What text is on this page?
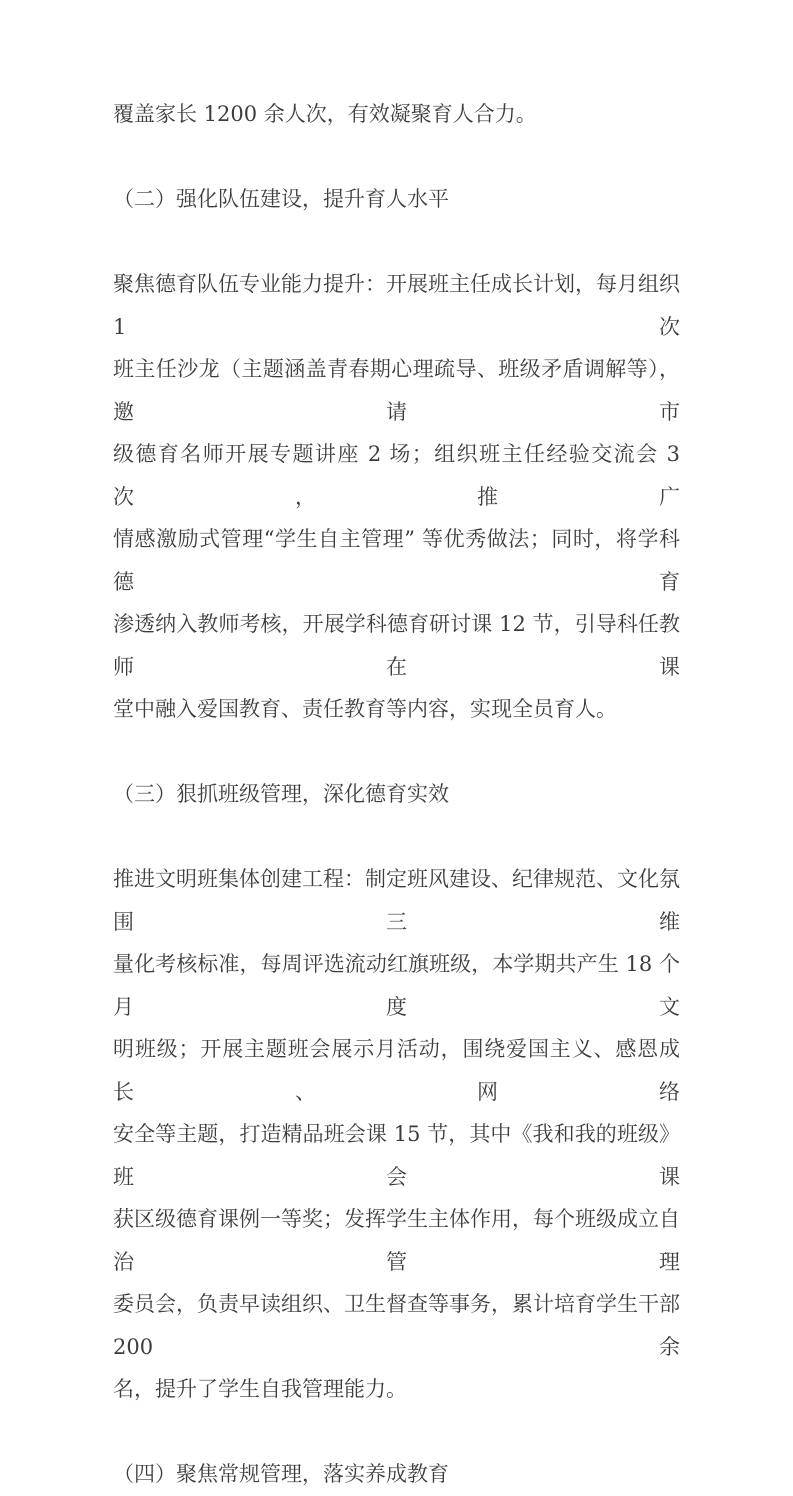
覆盖家长 1200 余人次，有效凝聚育人合力。
（二）强化队伍建设，提升育人水平
聚焦德育队伍专业能力提升：开展班主任成长计划，每月组织 1 次
班主任沙龙（主题涵盖青春期心理疏导、班级矛盾调解等），邀请市
级德育名师开展专题讲座 2 场；组织班主任经验交流会 3 次，推广
情感激励式管理“学生自主管理” 等优秀做法；同时，将学科德育
渗透纳入教师考核，开展学科德育研讨课 12 节，引导科任教师在课
堂中融入爱国教育、责任教育等内容，实现全员育人。
（三）狠抓班级管理，深化德育实效
推进文明班集体创建工程：制定班风建设、纪律规范、文化氛围三维
量化考核标准，每周评选流动红旗班级，本学期共产生 18 个月度文
明班级；开展主题班会展示月活动，围绕爱国主义、感恩成长、网络
安全等主题，打造精品班会课 15 节，其中《我和我的班级》班会课
获区级德育课例一等奖；发挥学生主体作用，每个班级成立自治管理
委员会，负责早读组织、卫生督查等事务，累计培育学生干部 200 余
名，提升了学生自我管理能力。
（四）聚焦常规管理，落实养成教育
